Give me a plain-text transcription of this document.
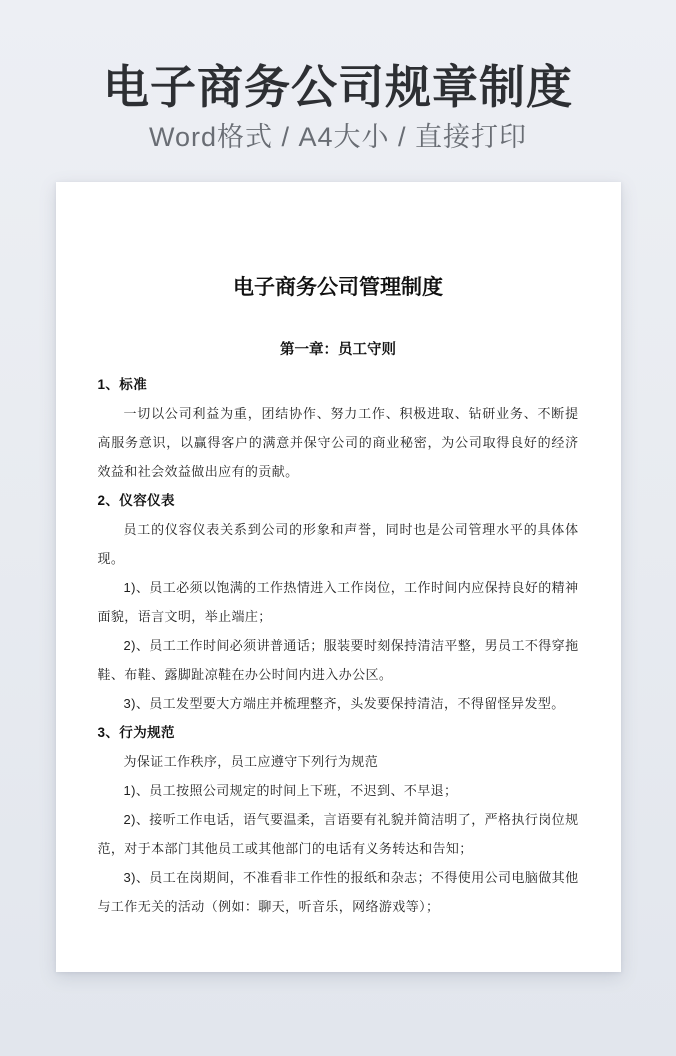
电子商务公司规章制度
Word格式 / A4大小 / 直接打印
电子商务公司管理制度
第一章：员工守则
1、标准

一切以公司利益为重，团结协作、努力工作、积极进取、钻研业务、不断提高服务意识，以赢得客户的满意并保守公司的商业秘密，为公司取得良好的经济效益和社会效益做出应有的贡献。

2、仪容仪表

员工的仪容仪表关系到公司的形象和声誉，同时也是公司管理水平的具体体现。

1)、员工必须以饱满的工作热情进入工作岗位，工作时间内应保持良好的精神面貌，语言文明，举止端庄；

2)、员工工作时间必须讲普通话；服装要时刻保持清洁平整，男员工不得穿拖鞋、布鞋、露脚趾凉鞋在办公时间内进入办公区。

3)、员工发型要大方端庄并梳理整齐，头发要保持清洁，不得留怪异发型。

3、行为规范

为保证工作秩序，员工应遵守下列行为规范

1)、员工按照公司规定的时间上下班，不迟到、不早退；

2)、接听工作电话，语气要温柔，言语要有礼貌并简洁明了，严格执行岗位规范，对于本部门其他员工或其他部门的电话有义务转达和告知；

3)、员工在岗期间，不准看非工作性的报纸和杂志；不得使用公司电脑做其他与工作无关的活动（例如：聊天，听音乐，网络游戏等）；
